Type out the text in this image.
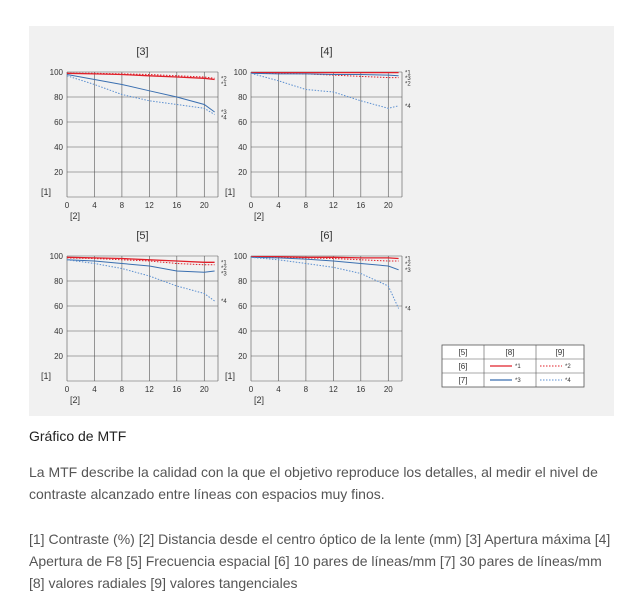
[3]
20
40
60
80
100
0	4	8	12 16 20
[1]
[2]
*2
*1
*3
*4
[4]
20
40
60
80
100
0	4	8	12 16 20
[1]
[2]
*1
*3
*2
*4
[5]
20
40
60
80
100
0	4	8	12 16 20
[1]
[2]
*1
*2
*3
*4
[6]
20
40
60
80
100
0	4	8	12 16 20
[1]
[2]
*1
*2
*3
*4
[5]	[8]	[9]
[6]	*1	*2
[7]	*3	*4
Gráfico de MTF

La MTF describe la calidad con la que el objetivo reproduce los detalles, al medir el nivel de contraste alcanzado entre líneas con espacios muy finos.

[1] Contraste (%) [2] Distancia desde el centro óptico de la lente (mm) [3] Apertura máxima [4] Apertura de F8 [5] Frecuencia espacial [6] 10 pares de líneas/mm [7] 30 pares de líneas/mm [8] valores radiales [9] valores tangenciales
